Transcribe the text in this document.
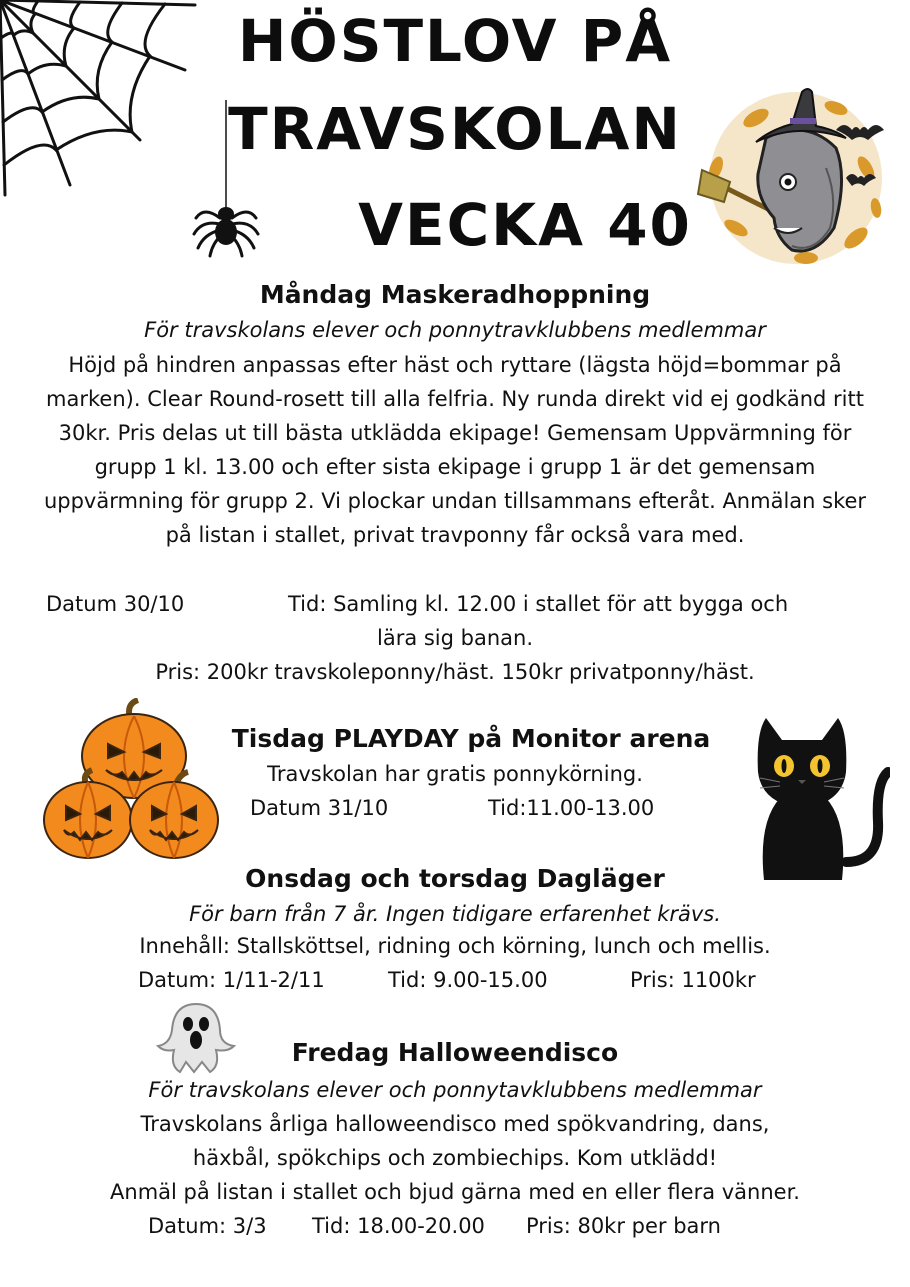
HÖSTLOV PÅ
TRAVSKOLAN
VECKA 40
Måndag Maskeradhoppning
För travskolans elever och ponnytravklubbens medlemmar
Höjd på hindren anpassas efter häst och ryttare (lägsta höjd=bommar på marken). Clear Round-rosett till alla felfria. Ny runda direkt vid ej godkänd ritt 30kr. Pris delas ut till bästa utklädda ekipage! Gemensam Uppvärmning för grupp 1 kl. 13.00 och efter sista ekipage i grupp 1 är det gemensam uppvärmning för grupp 2. Vi plockar undan tillsammans efteråt. Anmälan sker på listan i stallet, privat travponny får också vara med.
Datum 30/10	Tid: Samling kl. 12.00 i stallet för att bygga och
lära sig banan.
Pris: 200kr travskoleponny/häst. 150kr privatponny/häst.
Tisdag PLAYDAY på Monitor arena
Travskolan har gratis ponnykörning.
Datum 31/10	Tid:11.00-13.00
Onsdag och torsdag Dagläger
För barn från 7 år. Ingen tidigare erfarenhet krävs.
Innehåll: Stallsköttsel, ridning och körning, lunch och mellis.
Datum: 1/11-2/11	Tid: 9.00-15.00	Pris: 1100kr
Fredag Halloweendisco
För travskolans elever och ponnytavklubbens medlemmar
Travskolans årliga halloweendisco med spökvandring, dans,
häxbål, spökchips och zombiechips. Kom utklädd!
Anmäl på listan i stallet och bjud gärna med en eller flera vänner.
Datum: 3/3 Tid: 18.00-20.00 Pris: 80kr per barn
